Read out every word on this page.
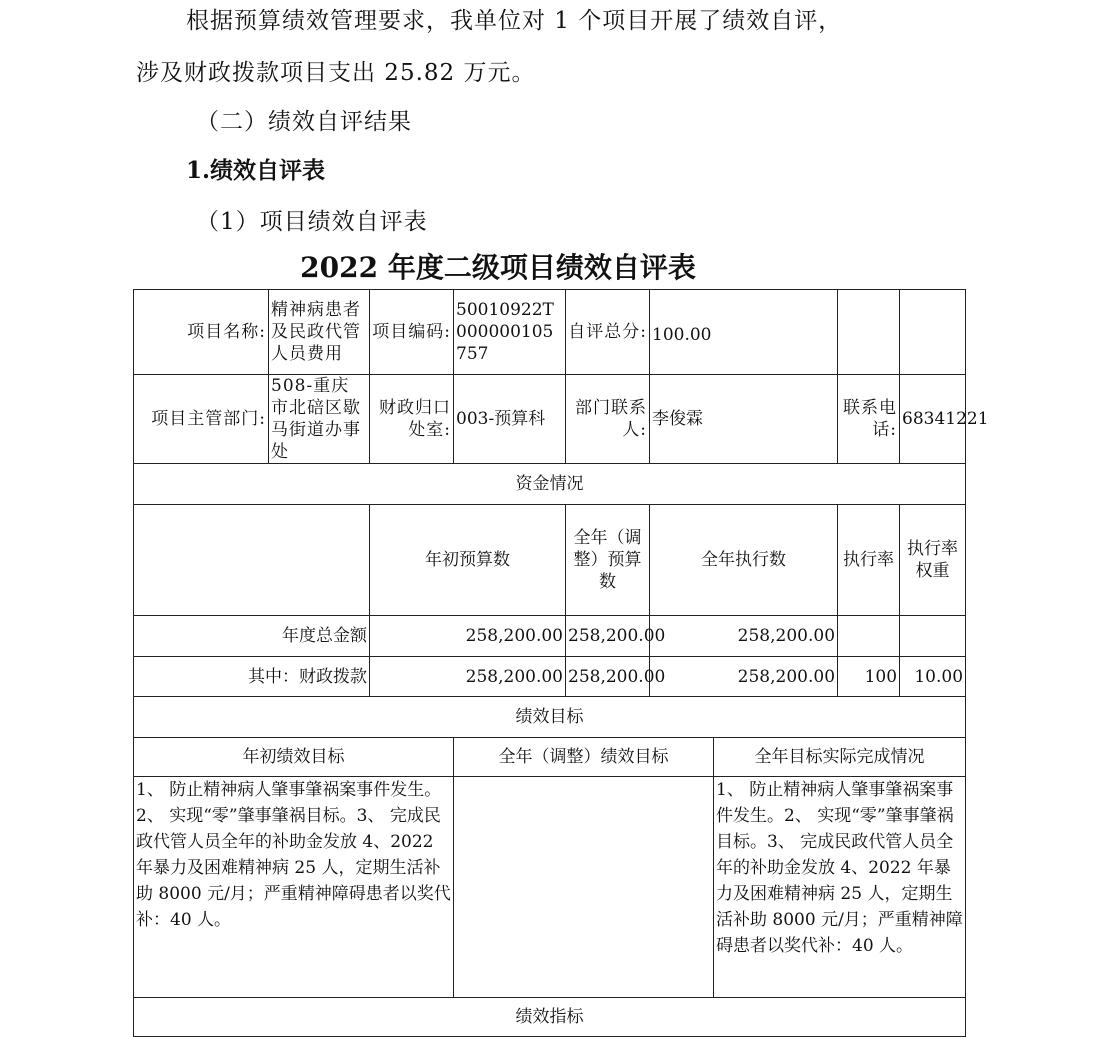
根据预算绩效管理要求，我单位对 1 个项目开展了绩效自评，

涉及财政拨款项目支出 25.82 万元。

（二）绩效自评结果

1.绩效自评表

（1）项目绩效自评表

2022 年度二级项目绩效自评表
项目名称:	精神病患者及民政代管人员费用	项目编码:	50010922T000000105757	自评总分:	100.00				
项目主管部门:	508-重庆市北碚区歇马街道办事处	财政归口处室:	003-预算科	部门联系人:	李俊霖		联系电话:	68341221	
资金情况									
		年初预算数		全年（调整）预算数	全年执行数		执行率	执行率权重	
年度总金额		258,200.00		258,200.00	258,200.00				
其中：财政拨款		258,200.00		258,200.00	258,200.00		100	10.00	
绩效目标									
年初绩效目标			全年（调整）绩效目标			全年目标实际完成情况			
1、 防止精神病人肇事肇祸案事件发生。2、 实现“零”肇事肇祸目标。3、 完成民政代管人员全年的补助金发放 4、2022 年暴力及困难精神病 25 人，定期生活补助 8000 元/月；严重精神障碍患者以奖代补：40 人。						1、 防止精神病人肇事肇祸案事件发生。2、 实现“零”肇事肇祸目标。3、 完成民政代管人员全年的补助金发放 4、2022 年暴力及困难精神病 25 人，定期生活补助 8000 元/月；严重精神障碍患者以奖代补：40 人。			
绩效指标									
